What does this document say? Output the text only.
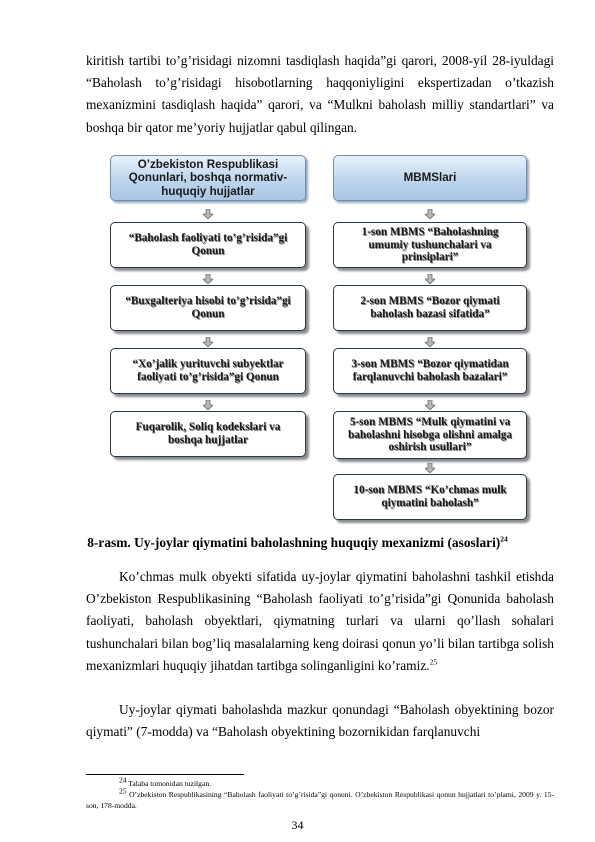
kiritish tartibi to’g’risidagi nizomni tasdiqlash haqida”gi qarori, 2008-yil 28-iyuldagi “Baholash to’g’risidagi hisobotlarning haqqoniyligini ekspertizadan o’tkazish mexanizmini tasdiqlash haqida” qarori, va “Mulkni baholash milliy standartlari” va boshqa bir qator me’yoriy hujjatlar qabul qilingan.

O’zbekiston Respublikasi Qonunlari, boshqa normativ-huquqiy hujjatlar
“Baholash faoliyati to’g’risida”gi Qonun
“Buxgalteriya hisobi to’g’risida”gi Qonun
“Xo’jalik yurituvchi subyektlar faoliyati to’g’risida”gi Qonun
Fuqarolik, Soliq kodekslari va boshqa hujjatlar
MBMSlari
1-son MBMS “Baholashning umumiy tushunchalari va prinsiplari”
2-son MBMS “Bozor qiymati baholash bazasi sifatida”
3-son MBMS “Bozor qiymatidan farqlanuvchi baholash bazalari”
5-son MBMS “Mulk qiymatini va baholashni hisobga olishni amalga oshirish usullari”
10-son MBMS “Ko’chmas mulk qiymatini baholash”
8-rasm. Uy-joylar qiymatini baholashning huquqiy mexanizmi (asoslari)$^{24}$

Ko’chmas mulk obyekti sifatida uy-joylar qiymatini baholashni tashkil etishda O’zbekiston Respublikasining “Baholash faoliyati to’g’risida”gi Qonunida baholash faoliyati, baholash obyektlari, qiymatning turlari va ularni qo’llash sohalari tushunchalari bilan bog’liq masalalarning keng doirasi qonun yo’li bilan tartibga solish mexanizmlari huquqiy jihatdan tartibga solinganligini ko’ramiz.$^{25}$

Uy-joylar qiymati baholashda mazkur qonundagi “Baholash obyektining bozor qiymati” (7-modda) va “Baholash obyektining bozornikidan farqlanuvchi

$^{24}$ Talaba tomonidan tuzilgan.

$^{25}$ O’zbekiston Respublikasining “Baholash faoliyati to’g’risida”gi qonuni. O’zbekiston Respublikasi qonun hujjatlari to’plami, 2009 y. 15-son, 178-modda.

34
